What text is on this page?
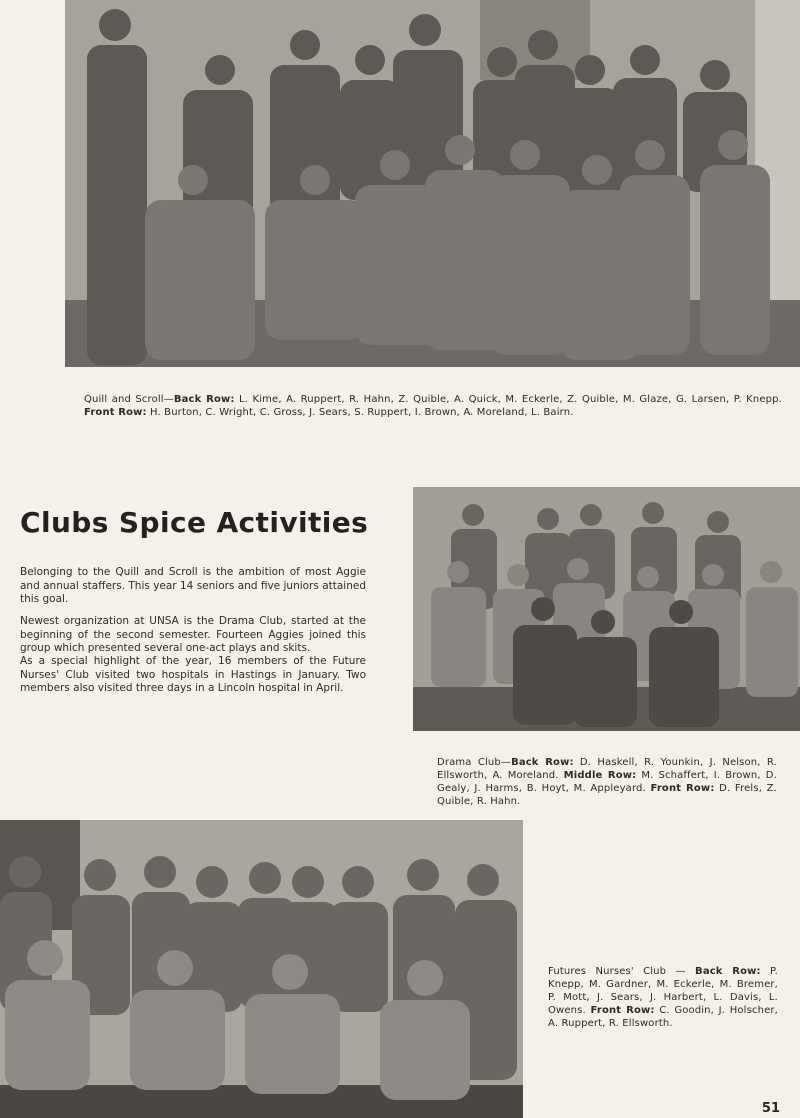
Quill and Scroll—Back Row: L. Kime, A. Ruppert, R. Hahn, Z. Quible, A. Quick, M. Eckerle, Z. Quible, M. Glaze, G. Larsen, P. Knepp. Front Row: H. Burton, C. Wright, C. Gross, J. Sears, S. Ruppert, I. Brown, A. Moreland, L. Bairn.

Clubs Spice Activities

Belonging to the Quill and Scroll is the ambition of most Aggie and annual staffers. This year 14 seniors and five juniors attained this goal.

Newest organization at UNSA is the Drama Club, started at the beginning of the second semester. Fourteen Aggies joined this group which presented several one-act plays and skits.

As a special highlight of the year, 16 members of the Future Nurses' Club visited two hospitals in Hastings in January. Two members also visited three days in a Lincoln hospital in April.

Drama Club—Back Row: D. Haskell, R. Younkin, J. Nelson, R. Ellsworth, A. Moreland. Middle Row: M. Schaffert, I. Brown, D. Gealy, J. Harms, B. Hoyt, M. Appleyard. Front Row: D. Frels, Z. Quible, R. Hahn.

Futures Nurses' Club — Back Row: P. Knepp, M. Gardner, M. Eckerle, M. Bremer, P. Mott, J. Sears, J. Harbert, L. Davis, L. Owens. Front Row: C. Goodin, J. Holscher, A. Ruppert, R. Ellsworth.

51
